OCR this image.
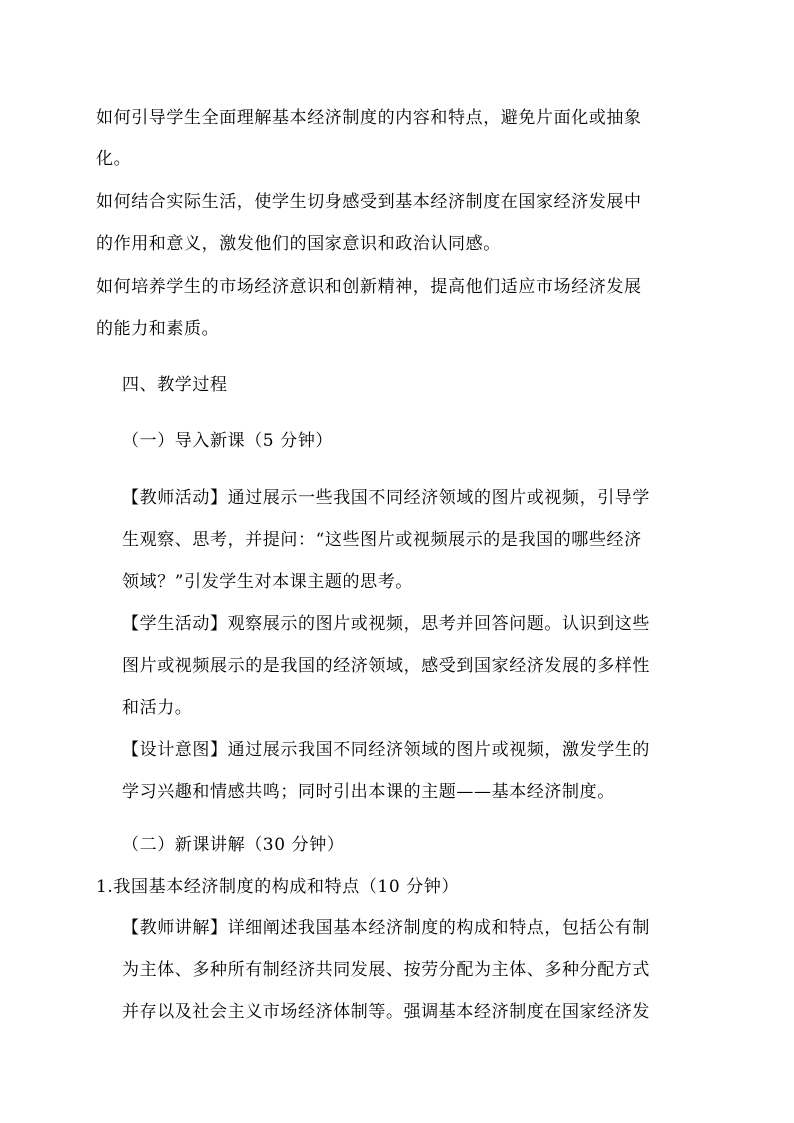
如何引导学生全面理解基本经济制度的内容和特点，避免片面化或抽象
化。
如何结合实际生活，使学生切身感受到基本经济制度在国家经济发展中
的作用和意义，激发他们的国家意识和政治认同感。
如何培养学生的市场经济意识和创新精神，提高他们适应市场经济发展
的能力和素质。
四、教学过程
（一）导入新课（5 分钟）
【教师活动】通过展示一些我国不同经济领域的图片或视频，引导学
生观察、思考，并提问：“这些图片或视频展示的是我国的哪些经济
领域？”引发学生对本课主题的思考。
【学生活动】观察展示的图片或视频，思考并回答问题。认识到这些
图片或视频展示的是我国的经济领域，感受到国家经济发展的多样性
和活力。
【设计意图】通过展示我国不同经济领域的图片或视频，激发学生的
学习兴趣和情感共鸣；同时引出本课的主题——基本经济制度。
（二）新课讲解（30 分钟）
1.我国基本经济制度的构成和特点（10 分钟）
【教师讲解】详细阐述我国基本经济制度的构成和特点，包括公有制
为主体、多种所有制经济共同发展、按劳分配为主体、多种分配方式
并存以及社会主义市场经济体制等。强调基本经济制度在国家经济发
